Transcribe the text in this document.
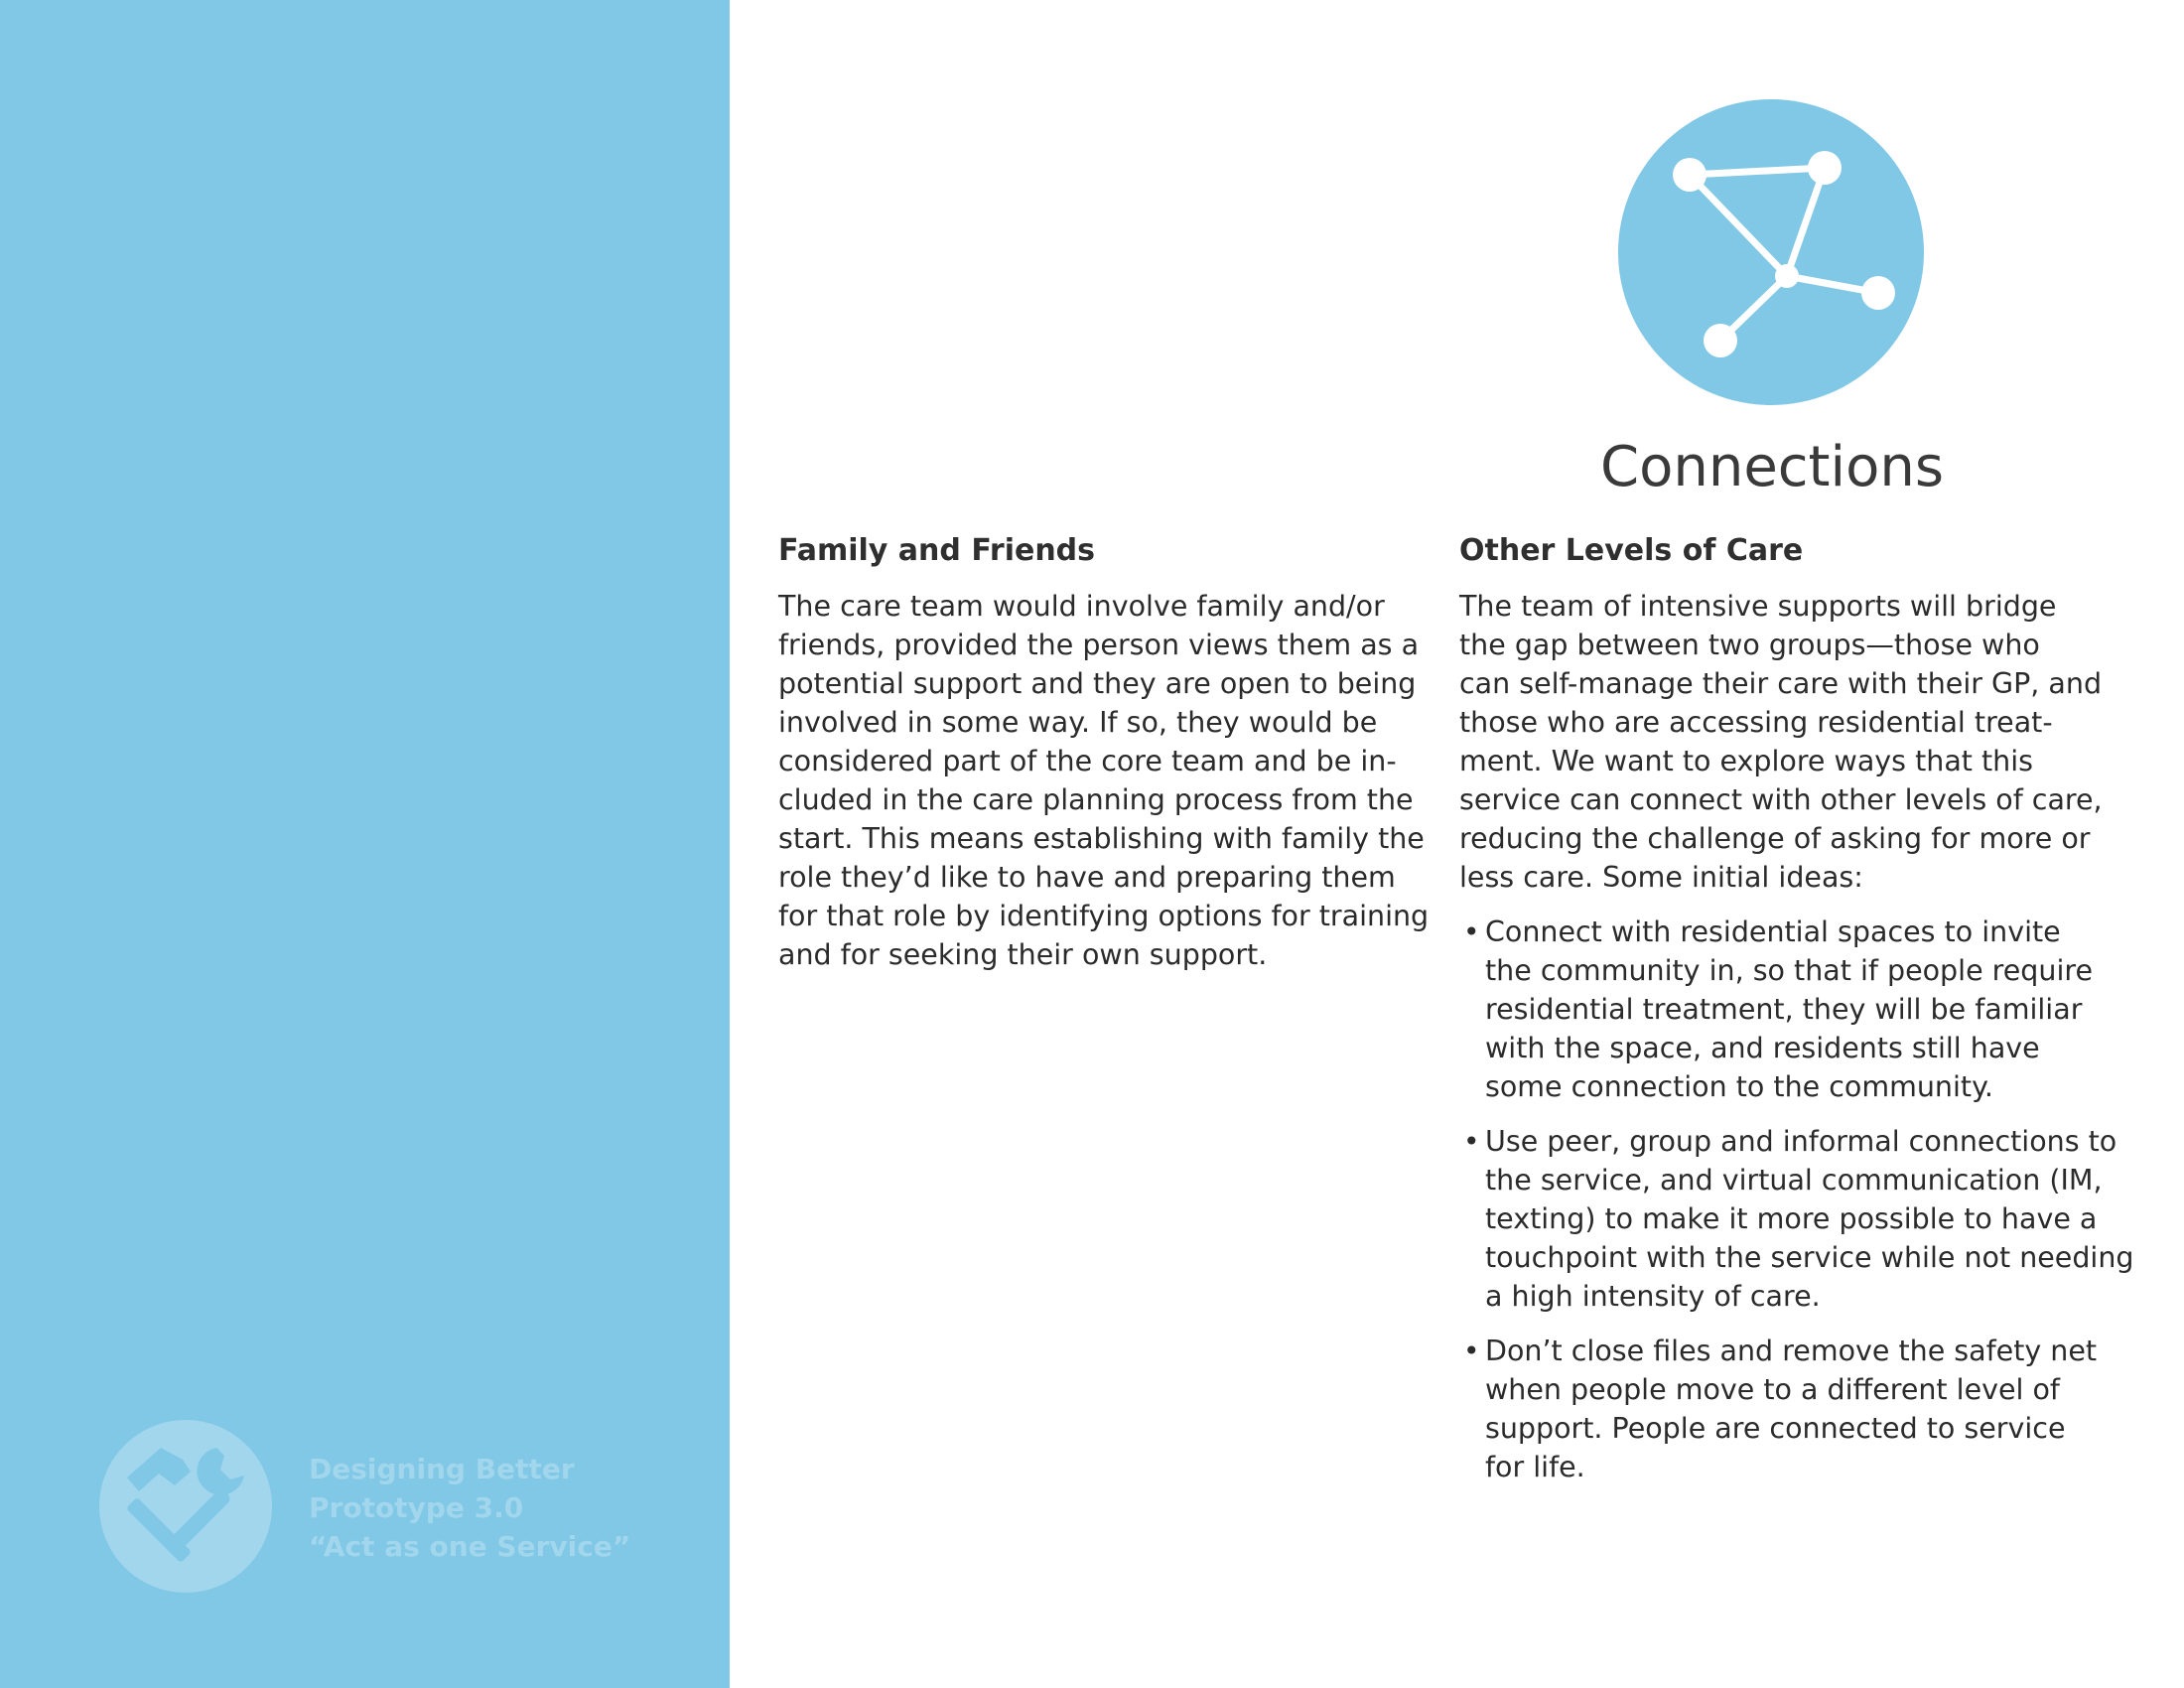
Designing Better
Prototype 3.0
“Act as one Service”
Connections
Family and Friends
The care team would involve family and/or
friends, provided the person views them as a
potential support and they are open to being
involved in some way. If so, they would be
considered part of the core team and be in-
cluded in the care planning process from the
start. This means establishing with family the
role they’d like to have and preparing them
for that role by identifying options for training
and for seeking their own support.
Other Levels of Care
The team of intensive supports will bridge
the gap between two groups—those who
can self-manage their care with their GP, and
those who are accessing residential treat-
ment. We want to explore ways that this
service can connect with other levels of care,
reducing the challenge of asking for more or
less care. Some initial ideas:
• Connect with residential spaces to invite
the community in, so that if people require
residential treatment, they will be familiar
with the space, and residents still have
some connection to the community.
• Use peer, group and informal connections to
the service, and virtual communication (IM,
texting) to make it more possible to have a
touchpoint with the service while not needing
a high intensity of care.
• Don’t close files and remove the safety net
when people move to a different level of
support. People are connected to service
for life.
